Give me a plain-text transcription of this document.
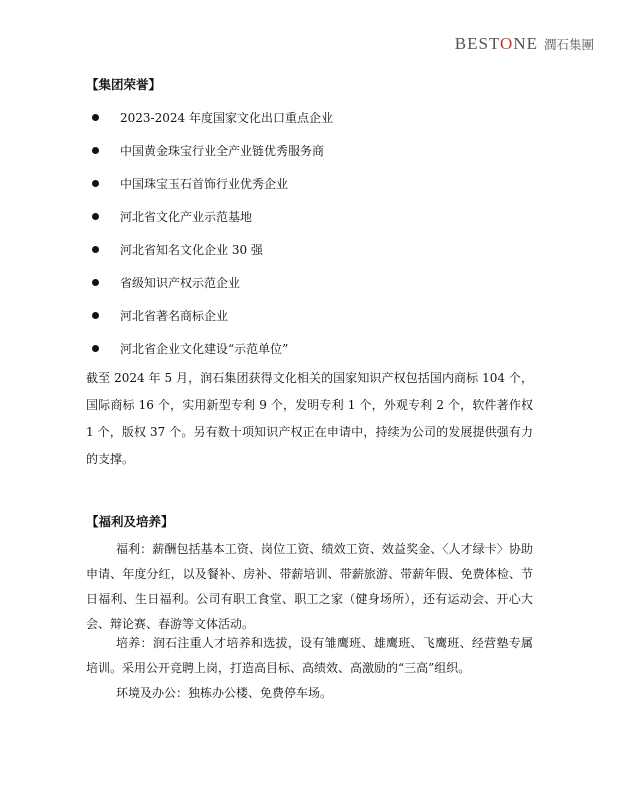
BESTONE 潤石集團
【集团荣誉】
2023-2024 年度国家文化出口重点企业
中国黄金珠宝行业全产业链优秀服务商
中国珠宝玉石首饰行业优秀企业
河北省文化产业示范基地
河北省知名文化企业 30 强
省级知识产权示范企业
河北省著名商标企业
河北省企业文化建设“示范单位”

截至 2024 年 5 月，润石集团获得文化相关的国家知识产权包括国内商标 104 个，国际商标 16 个，实用新型专利 9 个，发明专利 1 个，外观专利 2 个，软件著作权 1 个，版权 37 个。另有数十项知识产权正在申请中，持续为公司的发展提供强有力的支撑。

【福利及培养】

福利：薪酬包括基本工资、岗位工资、绩效工资、效益奖金、〈人才绿卡〉协助申请、年度分红，以及餐补、房补、带薪培训、带薪旅游、带薪年假、免费体检、节日福利、生日福利。公司有职工食堂、职工之家（健身场所），还有运动会、开心大会、辩论赛、春游等文体活动。

培养：润石注重人才培养和选拔，设有雏鹰班、雄鹰班、飞鹰班、经营塾专属培训。采用公开竞聘上岗，打造高目标、高绩效、高激励的“三高”组织。

环境及办公：独栋办公楼、免费停车场。
